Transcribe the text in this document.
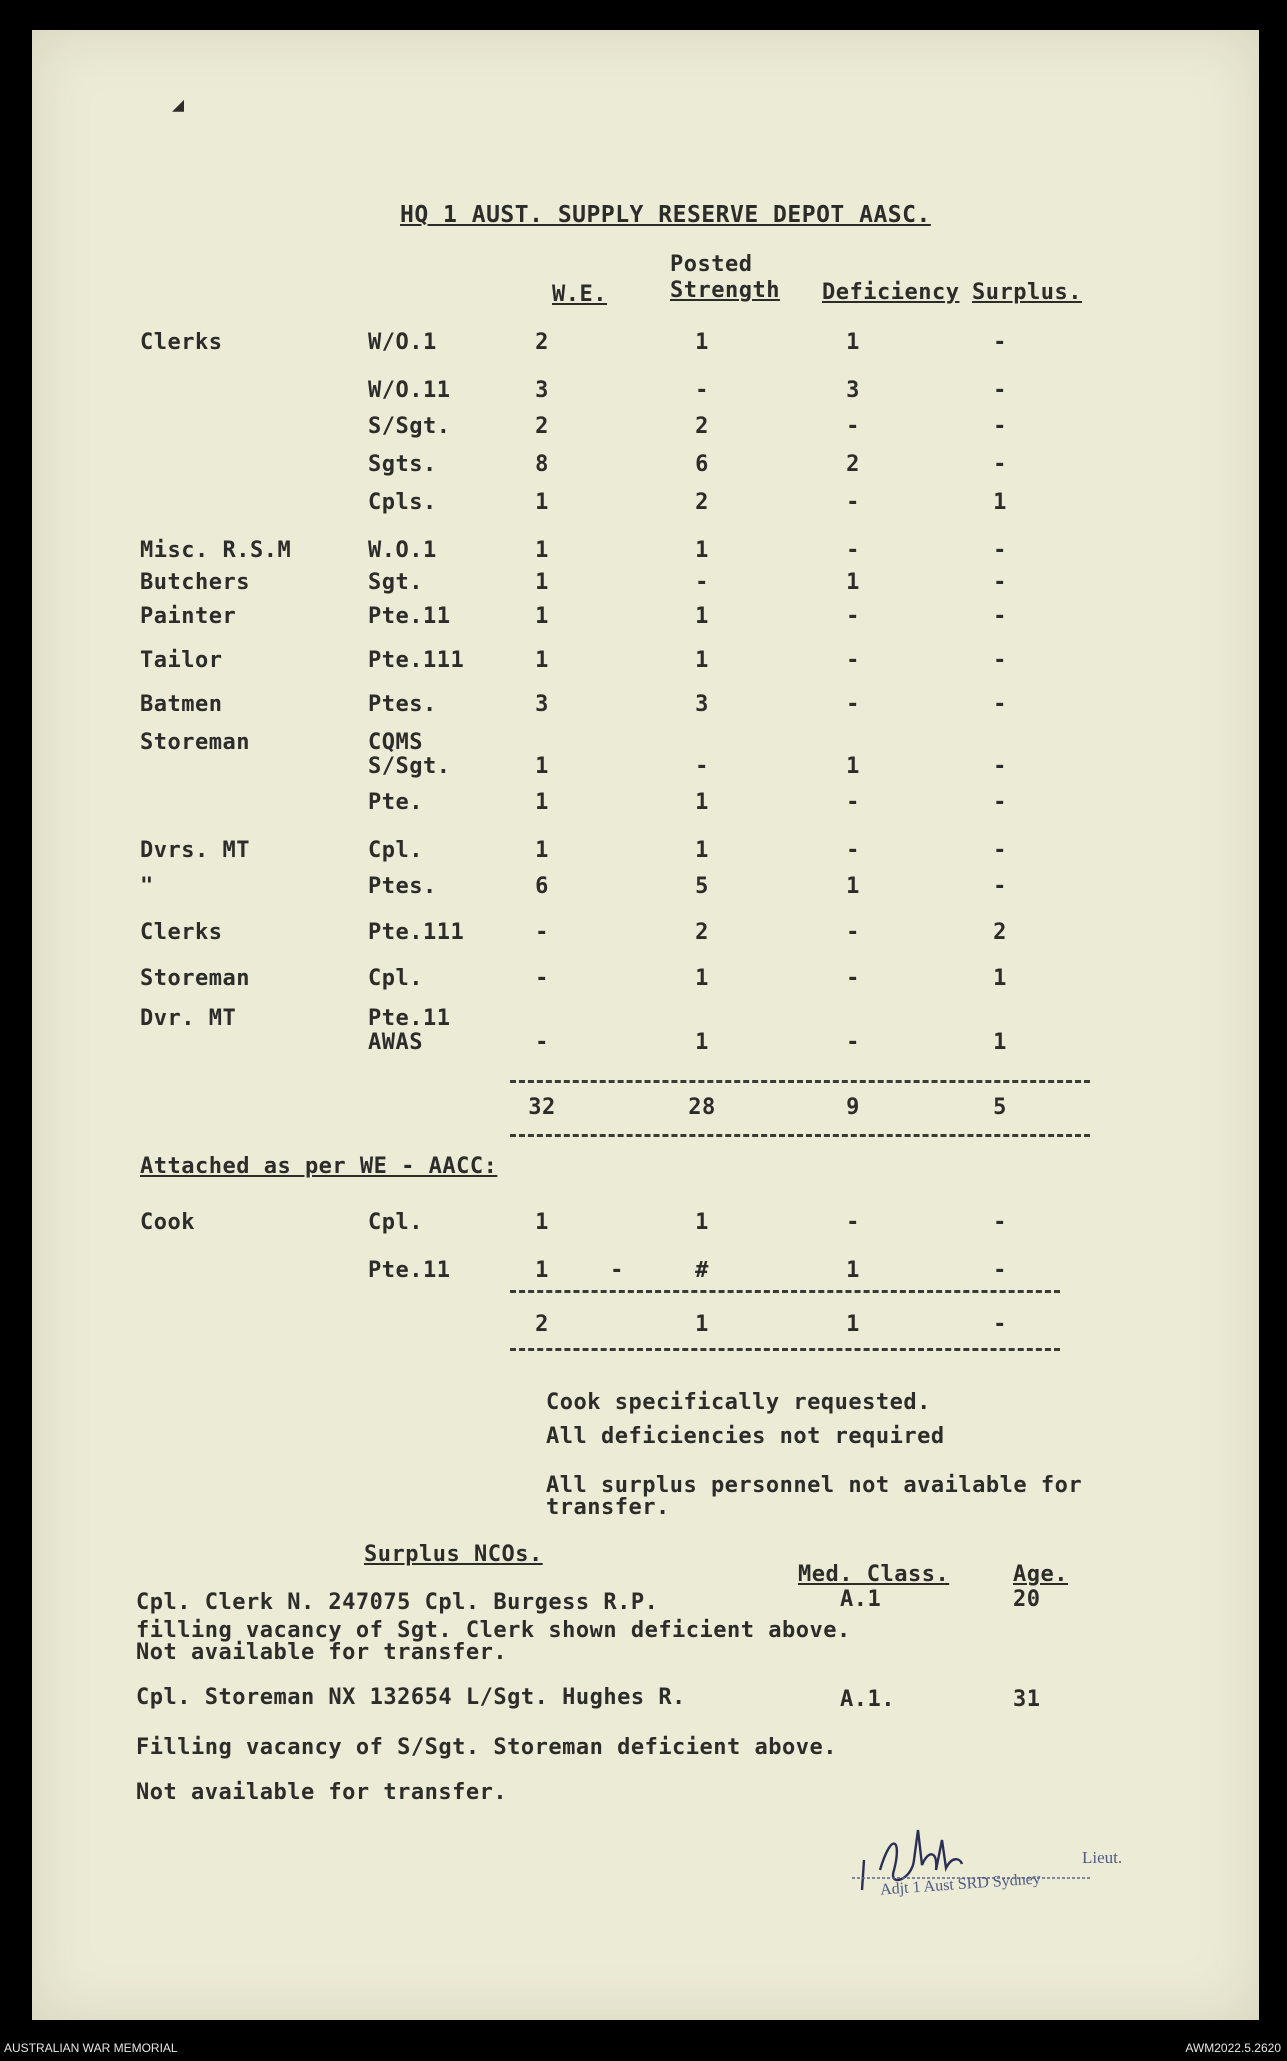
◢
HQ 1 AUST. SUPPLY RESERVE DEPOT AASC.
W.E.
Posted
Strength Deficiency Surplus.
Clerks	W/O.1	2	1	1	-
W/O.11	3	-	3	-
S/Sgt.	2	2	-	-
Sgts.	8	6	2	-
Cpls.	1	2	-	1
Misc. R.S.M	W.O.1	1	1	-	-
Butchers	Sgt.	1	-	1	-
Painter	Pte.11	1	1	-	-
Tailor	Pte.111	1	1	-	-
Batmen	Ptes.	3	3	-	-
Storeman	CQMS
S/Sgt.	1	-	1	-
Pte.	1	1	-	-
Dvrs. MT	Cpl.	1	1	-	-
"	Ptes.	6	5	1	-
Clerks	Pte.111	-	2	-	2
Storeman	Cpl.	-	1	-	1
Dvr. MT	Pte.11
AWAS	-	1	-	1
32	28	9	5
Attached as per WE - AACC:
Cook	Cpl.	1	1	-	-
Pte.11	1	-	#	1	-
2	1	1	-
Cook specifically requested.
All deficiencies not required
All surplus personnel not available for
transfer.
Surplus NCOs.
Med. Class.	Age.
Cpl. Clerk N. 247075 Cpl. Burgess R.P.	A.1	20
filling vacancy of Sgt. Clerk shown deficient above.
Not available for transfer.
Cpl. Storeman NX 132654 L/Sgt. Hughes R.	A.1.	31
Filling vacancy of S/Sgt. Storeman deficient above.
Not available for transfer.
Lieut.
Adjt 1 Aust SRD Sydney
AUSTRALIAN WAR MEMORIAL	AWM2022.5.2620
